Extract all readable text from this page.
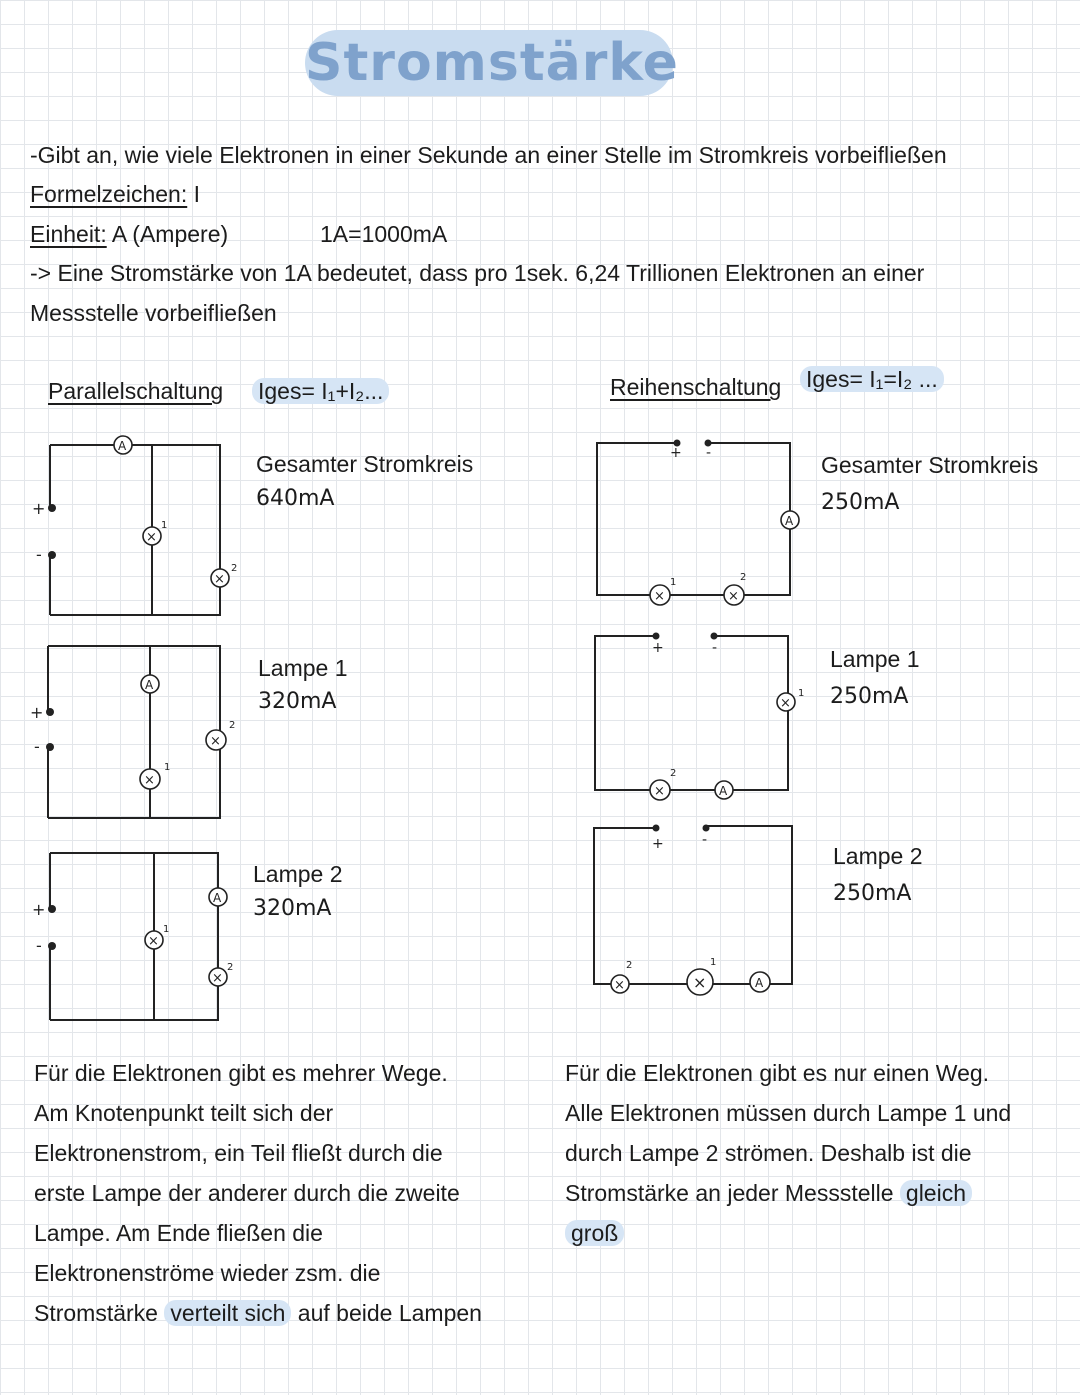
Stromstärke
-Gibt an, wie viele Elektronen in einer Sekunde an einer Stelle im Stromkreis vorbeifließen
Formelzeichen: I
Einheit: A (Ampere)	1A=1000mA
-> Eine Stromstärke von 1A bedeutet, dass pro 1sek. 6,24 Trillionen Elektronen an einer
Messstelle vorbeifließen
Parallelschaltung Iges= I₁+I₂...	Reihenschaltung Iges= I₁=I₂ ...
+
-
A
×
1
×
2
Gesamter Stromkreis
640mA
+
-
A
×
1
×
2
Lampe 1
320mA
+
-	×
1
A
×
2
Lampe 2
320mA
+ -
A
×
1
×
2
Gesamter Stromkreis
250mA
+	-
×
1
×
2
A
Lampe 1
250mA
+	-
×
2
×
1
A
Lampe 2
250mA
Für die Elektronen gibt es mehrer Wege.
Am Knotenpunkt teilt sich der
Elektronenstrom, ein Teil fließt durch die
erste Lampe der anderer durch die zweite
Lampe. Am Ende fließen die
Elektronenströme wieder zsm. die
Stromstärke verteilt sich auf beide Lampen
Für die Elektronen gibt es nur einen Weg.
Alle Elektronen müssen durch Lampe 1 und
durch Lampe 2 strömen. Deshalb ist die
Stromstärke an jeder Messstelle gleich
groß
